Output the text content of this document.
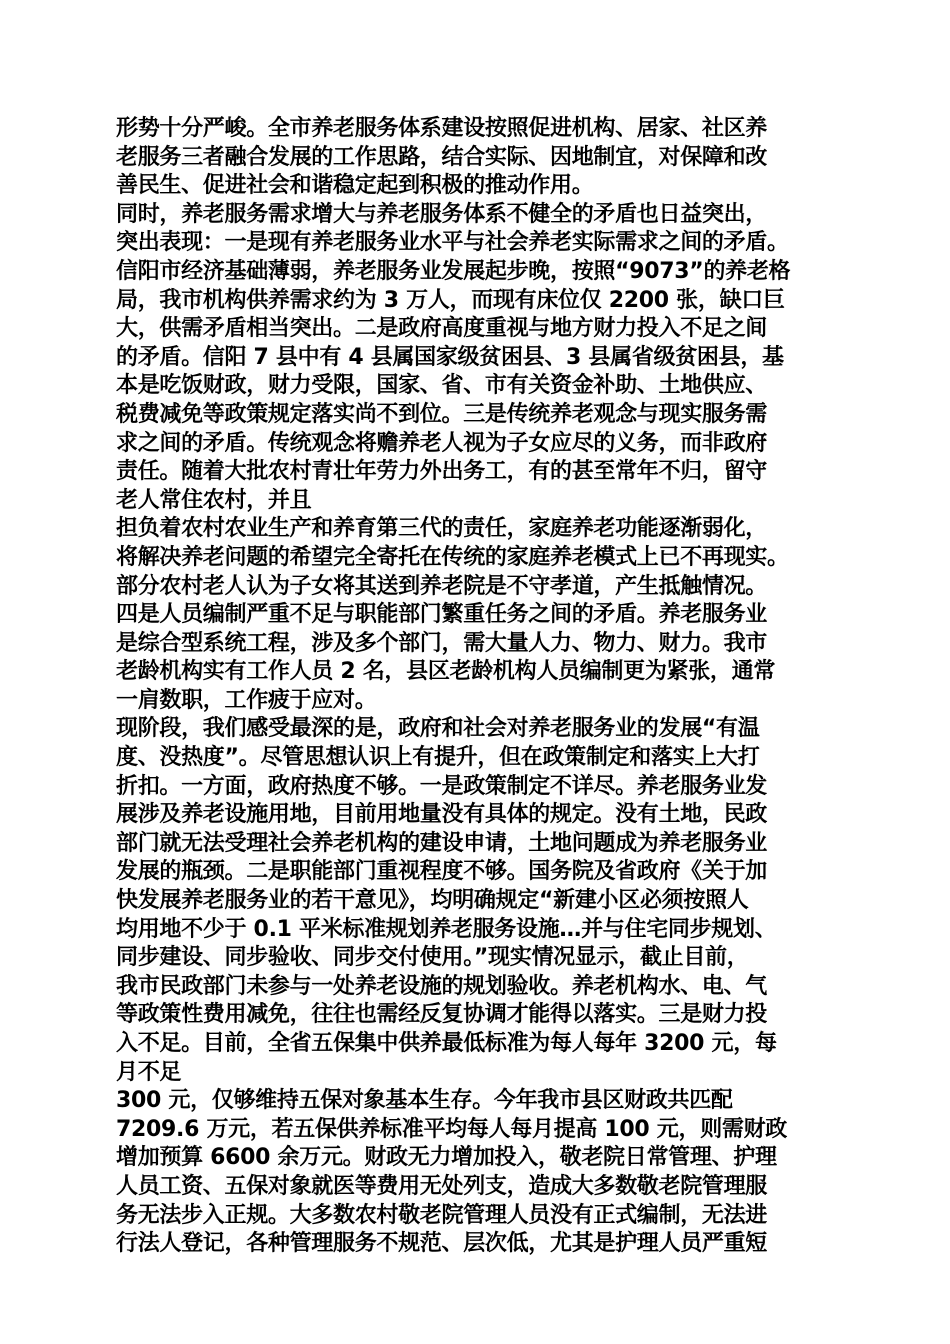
形势十分严峻。全市养老服务体系建设按照促进机构、居家、社区养
老服务三者融合发展的工作思路，结合实际、因地制宜，对保障和改
善民生、促进社会和谐稳定起到积极的推动作用。
同时，养老服务需求增大与养老服务体系不健全的矛盾也日益突出，
突出表现：一是现有养老服务业水平与社会养老实际需求之间的矛盾。
信阳市经济基础薄弱，养老服务业发展起步晚，按照“9073”的养老格
局，我市机构供养需求约为 3 万人，而现有床位仅 2200 张，缺口巨
大，供需矛盾相当突出。二是政府高度重视与地方财力投入不足之间
的矛盾。信阳 7 县中有 4 县属国家级贫困县、3 县属省级贫困县，基
本是吃饭财政，财力受限，国家、省、市有关资金补助、土地供应、
税费减免等政策规定落实尚不到位。三是传统养老观念与现实服务需
求之间的矛盾。传统观念将赡养老人视为子女应尽的义务，而非政府
责任。随着大批农村青壮年劳力外出务工，有的甚至常年不归，留守
老人常住农村，并且
担负着农村农业生产和养育第三代的责任，家庭养老功能逐渐弱化，
将解决养老问题的希望完全寄托在传统的家庭养老模式上已不再现实。
部分农村老人认为子女将其送到养老院是不守孝道，产生抵触情况。
四是人员编制严重不足与职能部门繁重任务之间的矛盾。养老服务业
是综合型系统工程，涉及多个部门，需大量人力、物力、财力。我市
老龄机构实有工作人员 2 名，县区老龄机构人员编制更为紧张，通常
一肩数职，工作疲于应对。
现阶段，我们感受最深的是，政府和社会对养老服务业的发展“有温
度、没热度”。尽管思想认识上有提升，但在政策制定和落实上大打
折扣。一方面，政府热度不够。一是政策制定不详尽。养老服务业发
展涉及养老设施用地，目前用地量没有具体的规定。没有土地，民政
部门就无法受理社会养老机构的建设申请，土地问题成为养老服务业
发展的瓶颈。二是职能部门重视程度不够。国务院及省政府《关于加
快发展养老服务业的若干意见》，均明确规定“新建小区必须按照人
均用地不少于 0.1 平米标准规划养老服务设施…并与住宅同步规划、
同步建设、同步验收、同步交付使用。”现实情况显示，截止目前，
我市民政部门未参与一处养老设施的规划验收。养老机构水、电、气
等政策性费用减免，往往也需经反复协调才能得以落实。三是财力投
入不足。目前，全省五保集中供养最低标准为每人每年 3200 元，每
月不足
300 元，仅够维持五保对象基本生存。今年我市县区财政共匹配
7209.6 万元，若五保供养标准平均每人每月提高 100 元，则需财政
增加预算 6600 余万元。财政无力增加投入，敬老院日常管理、护理
人员工资、五保对象就医等费用无处列支，造成大多数敬老院管理服
务无法步入正规。大多数农村敬老院管理人员没有正式编制，无法进
行法人登记，各种管理服务不规范、层次低，尤其是护理人员严重短
